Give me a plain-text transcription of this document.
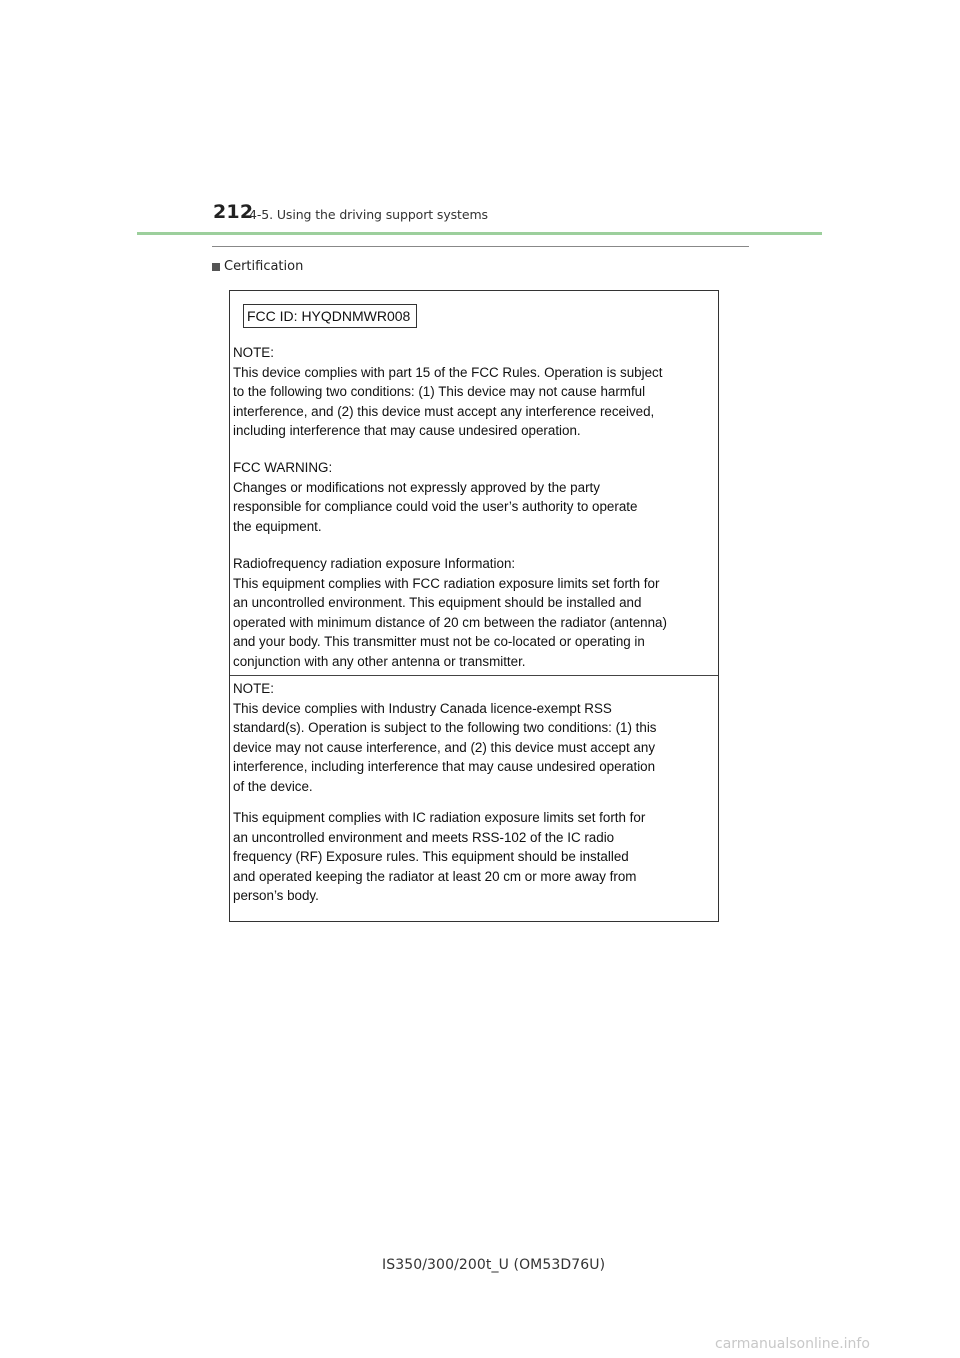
212
4-5. Using the driving support systems
Certification
FCC ID: HYQDNMWR008

NOTE:

This device complies with part 15 of the FCC Rules. Operation is subject

to the following two conditions: (1) This device may not cause harmful

interference, and (2) this device must accept any interference received,

including interference that may cause undesired operation.

FCC WARNING:

Changes or modifications not expressly approved by the party

responsible for compliance could void the user’s authority to operate

the equipment.

Radiofrequency radiation exposure Information:

This equipment complies with FCC radiation exposure limits set forth for

an uncontrolled environment. This equipment should be installed and

operated with minimum distance of 20 cm between the radiator (antenna)

and your body. This transmitter must not be co-located or operating in

conjunction with any other antenna or transmitter.

NOTE:

This device complies with Industry Canada licence-exempt RSS

standard(s). Operation is subject to the following two conditions: (1) this

device may not cause interference, and (2) this device must accept any

interference, including interference that may cause undesired operation

of the device.

This equipment complies with IC radiation exposure limits set forth for

an uncontrolled environment and meets RSS-102 of the IC radio

frequency (RF) Exposure rules. This equipment should be installed

and operated keeping the radiator at least 20 cm or more away from

person’s body.

IS350/300/200t_U (OM53D76U)
carmanualsonline.info
